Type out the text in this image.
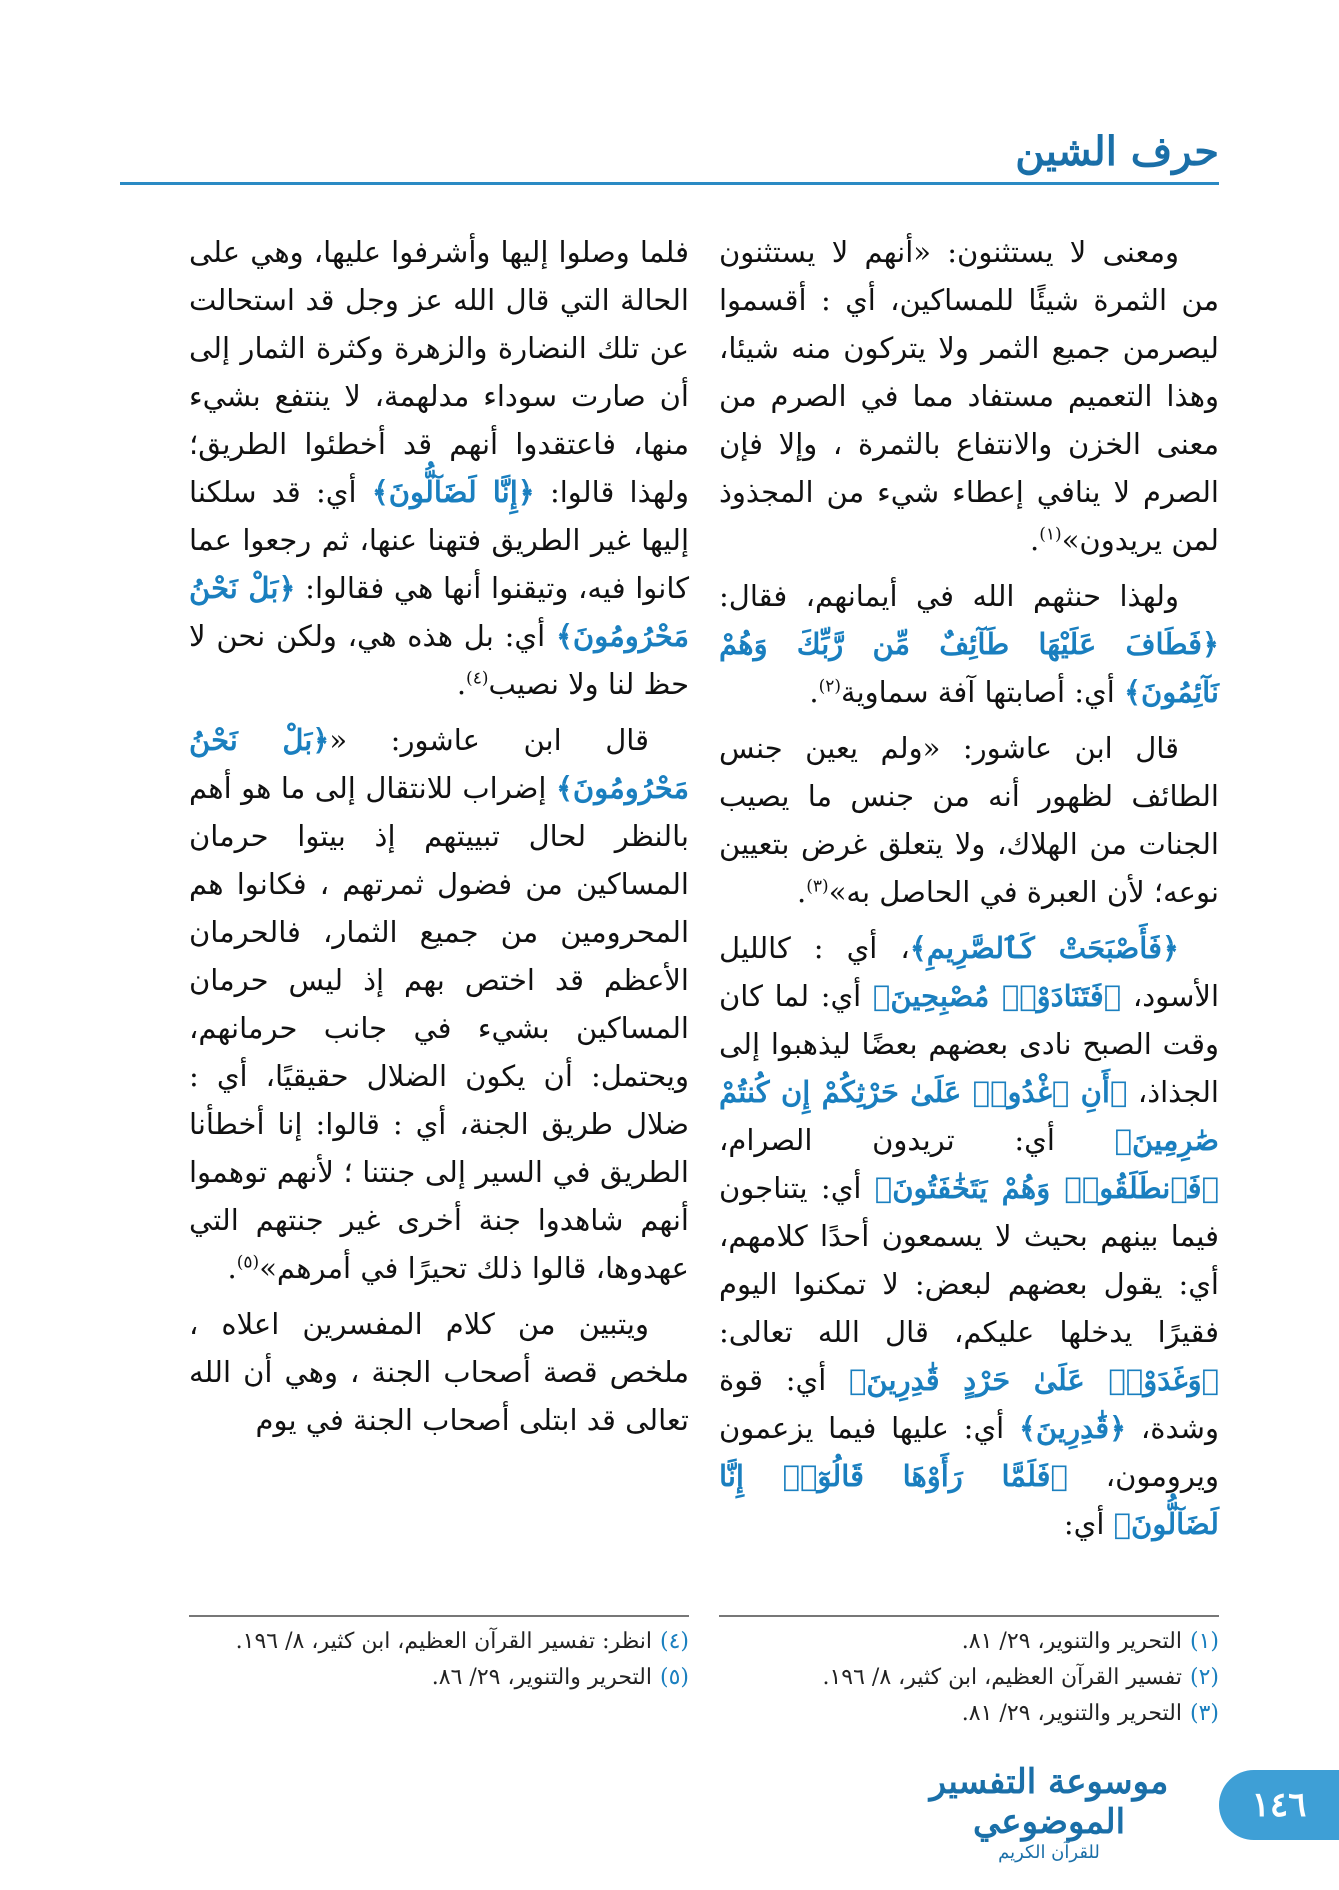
حرف الشين

ومعنى لا يستثنون: «أنهم لا يستثنون من الثمرة شيئًا للمساكين، أي : أقسموا ليصرمن جميع الثمر ولا يتركون منه شيئا، وهذا التعميم مستفاد مما في الصرم من معنى الخزن والانتفاع بالثمرة ، وإلا فإن الصرم لا ينافي إعطاء شيء من المجذوذ لمن يريدون»$^{(١)}$.

ولهذا حنثهم الله في أيمانهم، فقال: ﴿فَطَافَ عَلَيْهَا طَآئِفٌ مِّن رَّبِّكَ وَهُمْ نَآئِمُونَ﴾ أي: أصابتها آفة سماوية$^{(٢)}$.

قال ابن عاشور: «ولم يعين جنس الطائف لظهور أنه من جنس ما يصيب الجنات من الهلاك، ولا يتعلق غرض بتعيين نوعه؛ لأن العبرة في الحاصل به»$^{(٣)}$.

﴿فَأَصْبَحَتْ كَٱلصَّرِيمِ﴾، أي : كالليل الأسود، ﴿فَتَنَادَوْا۟ مُصْبِحِينَ﴾ أي: لما كان وقت الصبح نادى بعضهم بعضًا ليذهبوا إلى الجذاذ، ﴿أَنِ ٱغْدُوا۟ عَلَىٰ حَرْثِكُمْ إِن كُنتُمْ صَٰرِمِينَ﴾ أي: تريدون الصرام، ﴿فَٱنطَلَقُوا۟ وَهُمْ يَتَخَٰفَتُونَ﴾ أي: يتناجون فيما بينهم بحيث لا يسمعون أحدًا كلامهم، أي: يقول بعضهم لبعض: لا تمكنوا اليوم فقيرًا يدخلها عليكم، قال الله تعالى: ﴿وَغَدَوْا۟ عَلَىٰ حَرْدٍ قَٰدِرِينَ﴾ أي: قوة وشدة، ﴿قَٰدِرِينَ﴾ أي: عليها فيما يزعمون ويرومون، ﴿فَلَمَّا رَأَوْهَا قَالُوٓا۟ إِنَّا لَضَآلُّونَ﴾ أي:

فلما وصلوا إليها وأشرفوا عليها، وهي على الحالة التي قال الله عز وجل قد استحالت عن تلك النضارة والزهرة وكثرة الثمار إلى أن صارت سوداء مدلهمة، لا ينتفع بشيء منها، فاعتقدوا أنهم قد أخطئوا الطريق؛ ولهذا قالوا: ﴿إِنَّا لَضَآلُّونَ﴾ أي: قد سلكنا إليها غير الطريق فتهنا عنها، ثم رجعوا عما كانوا فيه، وتيقنوا أنها هي فقالوا: ﴿بَلْ نَحْنُ مَحْرُومُونَ﴾ أي: بل هذه هي، ولكن نحن لا حظ لنا ولا نصيب$^{(٤)}$.

قال ابن عاشور: «﴿بَلْ نَحْنُ مَحْرُومُونَ﴾ إضراب للانتقال إلى ما هو أهم بالنظر لحال تبييتهم إذ بيتوا حرمان المساكين من فضول ثمرتهم ، فكانوا هم المحرومين من جميع الثمار، فالحرمان الأعظم قد اختص بهم إذ ليس حرمان المساكين بشيء في جانب حرمانهم، ويحتمل: أن يكون الضلال حقيقيًا، أي : ضلال طريق الجنة، أي : قالوا: إنا أخطأنا الطريق في السير إلى جنتنا ؛ لأنهم توهموا أنهم شاهدوا جنة أخرى غير جنتهم التي عهدوها، قالوا ذلك تحيرًا في أمرهم»$^{(٥)}$.

ويتبين من كلام المفسرين اعلاه ، ملخص قصة أصحاب الجنة ، وهي أن الله تعالى قد ابتلى أصحاب الجنة في يوم

(١)التحرير والتنوير، ٢٩/ ٨١.
(٢)تفسير القرآن العظيم، ابن كثير، ٨/ ١٩٦.
(٣)التحرير والتنوير، ٢٩/ ٨١.
(٤)انظر: تفسير القرآن العظيم، ابن كثير، ٨/ ١٩٦.
(٥)التحرير والتنوير، ٢٩/ ٨٦.
١٤٦
موسوعة التفسير الموضوعي
للقرآن الكريم
